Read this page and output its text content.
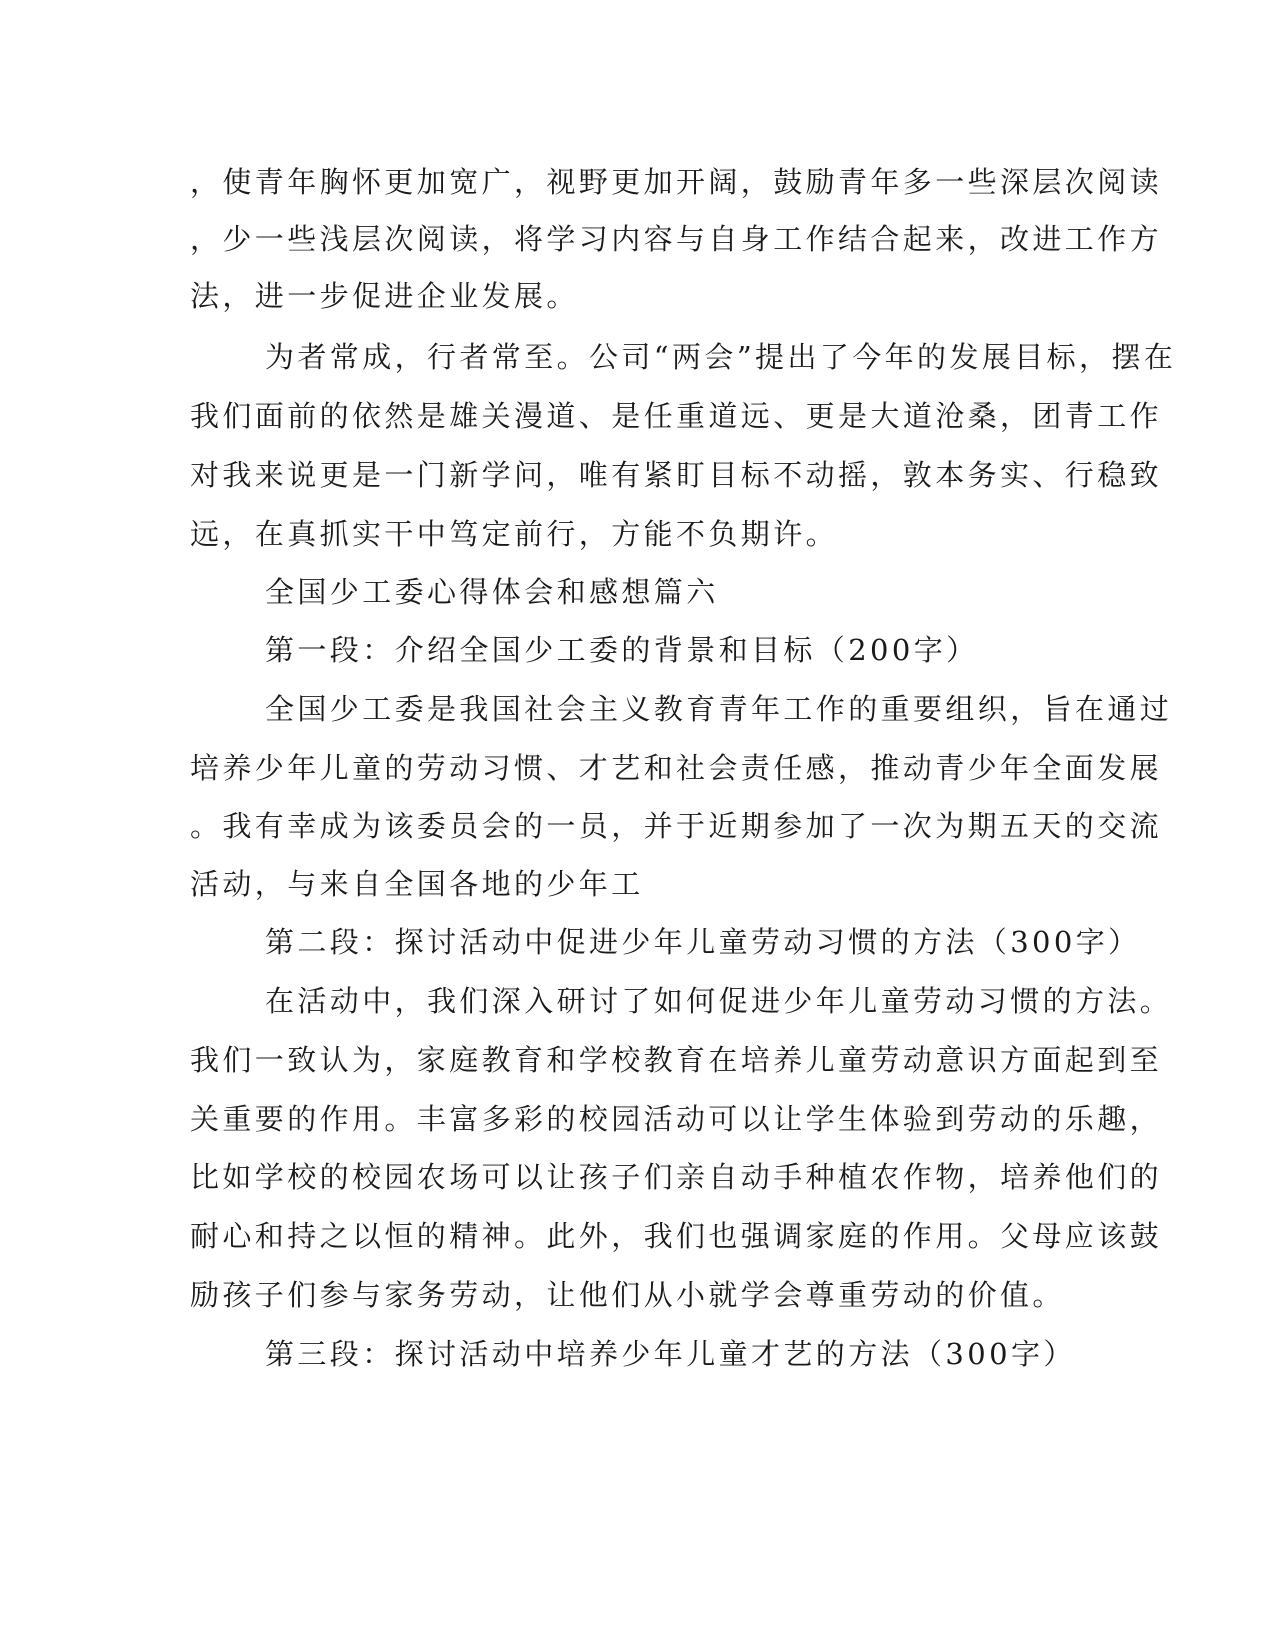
，使青年胸怀更加宽广，视野更加开阔，鼓励青年多一些深层次阅读

，少一些浅层次阅读，将学习内容与自身工作结合起来，改进工作方

法，进一步促进企业发展。

为者常成，行者常至。公司“两会”提出了今年的发展目标，摆在

我们面前的依然是雄关漫道、是任重道远、更是大道沧桑，团青工作

对我来说更是一门新学问，唯有紧盯目标不动摇，敦本务实、行稳致

远，在真抓实干中笃定前行，方能不负期许。

全国少工委心得体会和感想篇六

第一段：介绍全国少工委的背景和目标（200字）

全国少工委是我国社会主义教育青年工作的重要组织，旨在通过

培养少年儿童的劳动习惯、才艺和社会责任感，推动青少年全面发展

。我有幸成为该委员会的一员，并于近期参加了一次为期五天的交流

活动，与来自全国各地的少年工

第二段：探讨活动中促进少年儿童劳动习惯的方法（300字）

在活动中，我们深入研讨了如何促进少年儿童劳动习惯的方法。

我们一致认为，家庭教育和学校教育在培养儿童劳动意识方面起到至

关重要的作用。丰富多彩的校园活动可以让学生体验到劳动的乐趣，

比如学校的校园农场可以让孩子们亲自动手种植农作物，培养他们的

耐心和持之以恒的精神。此外，我们也强调家庭的作用。父母应该鼓

励孩子们参与家务劳动，让他们从小就学会尊重劳动的价值。

第三段：探讨活动中培养少年儿童才艺的方法（300字）
